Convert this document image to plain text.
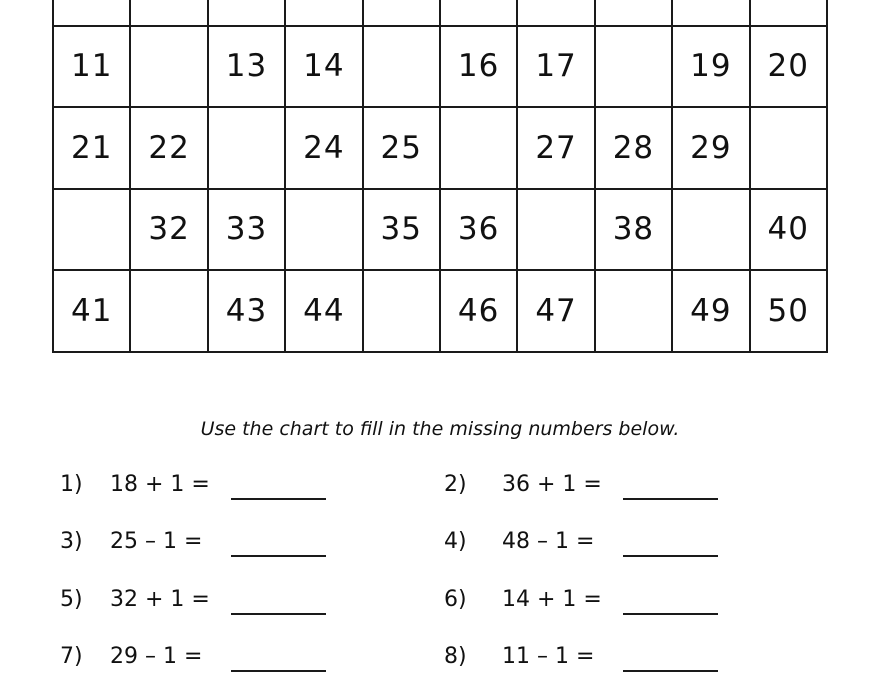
11		13	14		16	17		19	20
21	22		24	25		27	28	29	
	32	33		35	36		38		40
41		43	44		46	47		49	50
Use the chart to fill in the missing numbers below.
1) 18 + 1 =	2) 36 + 1 =
3) 25 – 1 =	4) 48 – 1 =
5) 32 + 1 =	6) 14 + 1 =
7) 29 – 1 =	8) 11 – 1 =
